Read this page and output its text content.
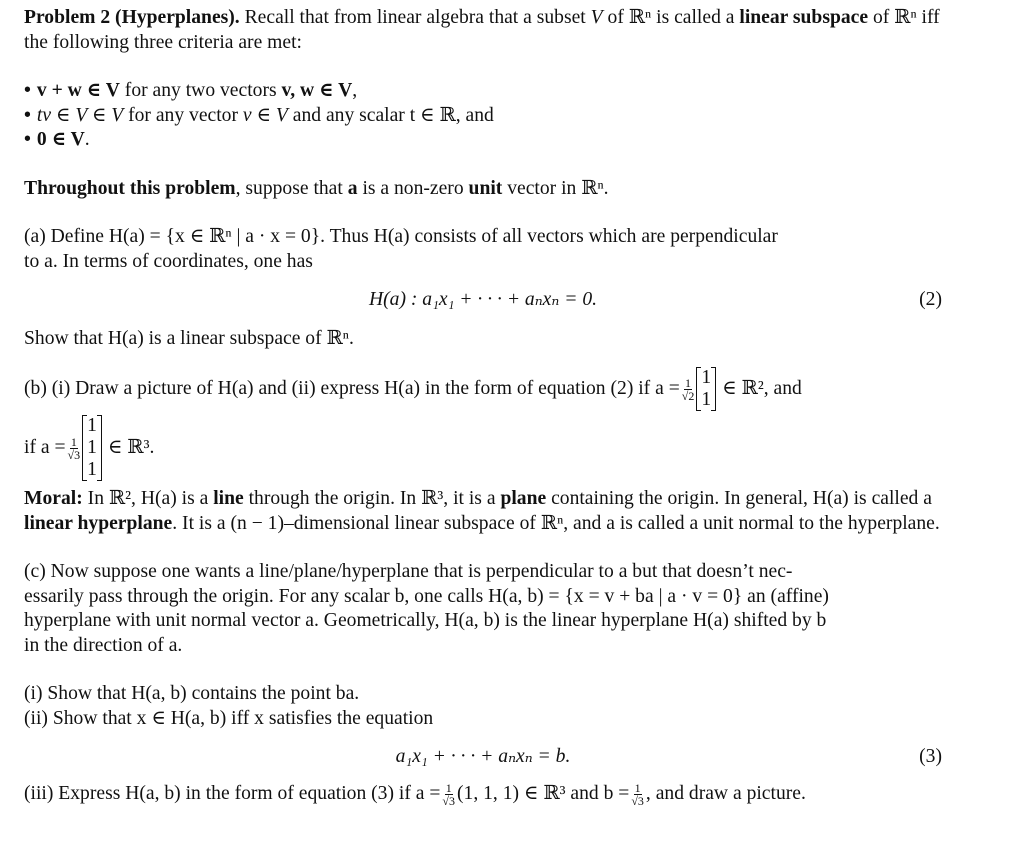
Problem 2 (Hyperplanes). Recall that from linear algebra that a subset V of ℝⁿ is called a linear subspace of ℝⁿ iff the following three criteria are met:

• v + w ∈ V for any two vectors v, w ∈ V,
• tv ∈ V ∈ V for any vector v ∈ V and any scalar t ∈ ℝ, and
• 0 ∈ V.

Throughout this problem, suppose that a is a non-zero unit vector in ℝⁿ.

(a) Define H(a) = {x ∈ ℝⁿ | a · x = 0}. Thus H(a) consists of all vectors which are perpendicular

to a. In terms of coordinates, one has

H(a) : a₁x₁ + · · · + aₙxₙ = 0.	(2)

Show that H(a) is a linear subspace of ℝⁿ.

(b) (i) Draw a picture of H(a) and (ii) express H(a) in the form of equation (2) if $a = \frac{1}{√2} 1$
1
∈ ℝ², and
if $a = \frac{1}{√3}$
1
1
1
∈ ℝ³.

Moral: In ℝ², H(a) is a line through the origin. In ℝ³, it is a plane containing the origin. In general, H(a) is called a linear hyperplane. It is a (n − 1)–dimensional linear subspace of ℝⁿ, and a is called a unit normal to the hyperplane.

(c) Now suppose one wants a line/plane/hyperplane that is perpendicular to a but that doesn’t nec-

essarily pass through the origin. For any scalar b, one calls H(a, b) = {x = v + ba | a · v = 0} an (affine)

hyperplane with unit normal vector a. Geometrically, H(a, b) is the linear hyperplane H(a) shifted by b

in the direction of a.

(i) Show that H(a, b) contains the point ba.

(ii) Show that x ∈ H(a, b) iff x satisfies the equation

a₁x₁ + · · · + aₙxₙ = b.	(3)
(iii) Express H(a, b) in the form of equation (3) if $a = \frac{1}{√3} (1$, 1, 1) ∈ ℝ³ and $b = \frac{1}{√3}$ , and draw a picture.
